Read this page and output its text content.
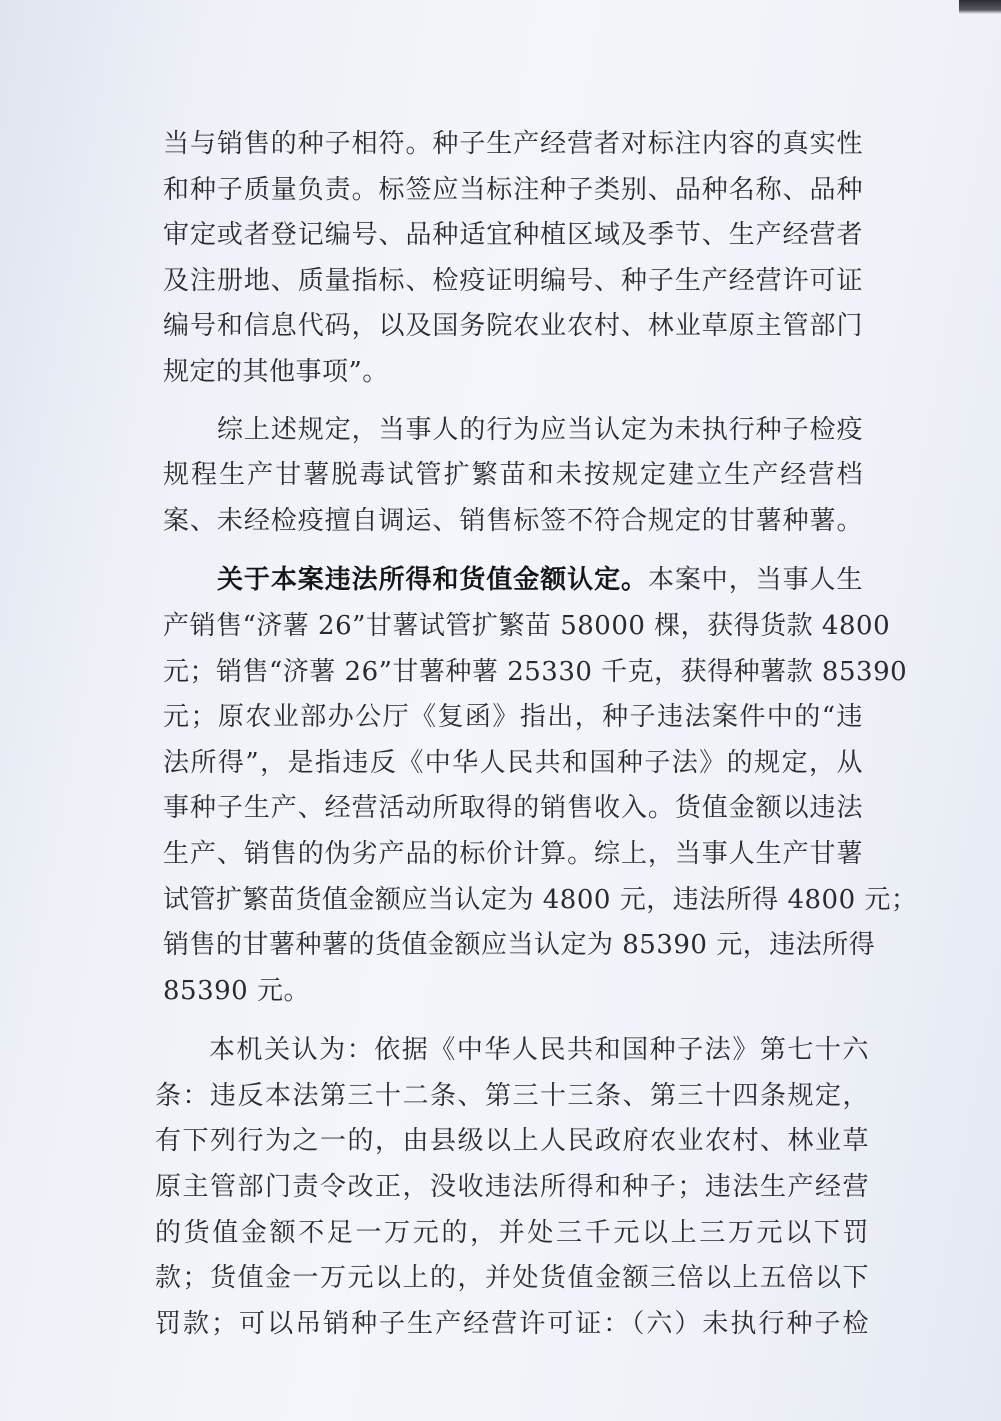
当与销售的种子相符。种子生产经营者对标注内容的真实性
和种子质量负责。标签应当标注种子类别、品种名称、品种
审定或者登记编号、品种适宜种植区域及季节、生产经营者
及注册地、质量指标、检疫证明编号、种子生产经营许可证
编号和信息代码，以及国务院农业农村、林业草原主管部门
规定的其他事项”。
综上述规定，当事人的行为应当认定为未执行种子检疫
规程生产甘薯脱毒试管扩繁苗和未按规定建立生产经营档
案、未经检疫擅自调运、销售标签不符合规定的甘薯种薯。
关于本案违法所得和货值金额认定。本案中，当事人生
产销售“济薯 26”甘薯试管扩繁苗 58000 棵，获得货款 4800
元；销售“济薯 26”甘薯种薯 25330 千克，获得种薯款 85390
元；原农业部办公厅《复函》指出，种子违法案件中的“违
法所得”，是指违反《中华人民共和国种子法》的规定，从
事种子生产、经营活动所取得的销售收入。货值金额以违法
生产、销售的伪劣产品的标价计算。综上，当事人生产甘薯
试管扩繁苗货值金额应当认定为 4800 元，违法所得 4800 元；
销售的甘薯种薯的货值金额应当认定为 85390 元，违法所得
85390 元。
本机关认为：依据《中华人民共和国种子法》第七十六
条：违反本法第三十二条、第三十三条、第三十四条规定，
有下列行为之一的，由县级以上人民政府农业农村、林业草
原主管部门责令改正，没收违法所得和种子；违法生产经营
的货值金额不足一万元的，并处三千元以上三万元以下罚
款；货值金一万元以上的，并处货值金额三倍以上五倍以下
罚款；可以吊销种子生产经营许可证：（六）未执行种子检
